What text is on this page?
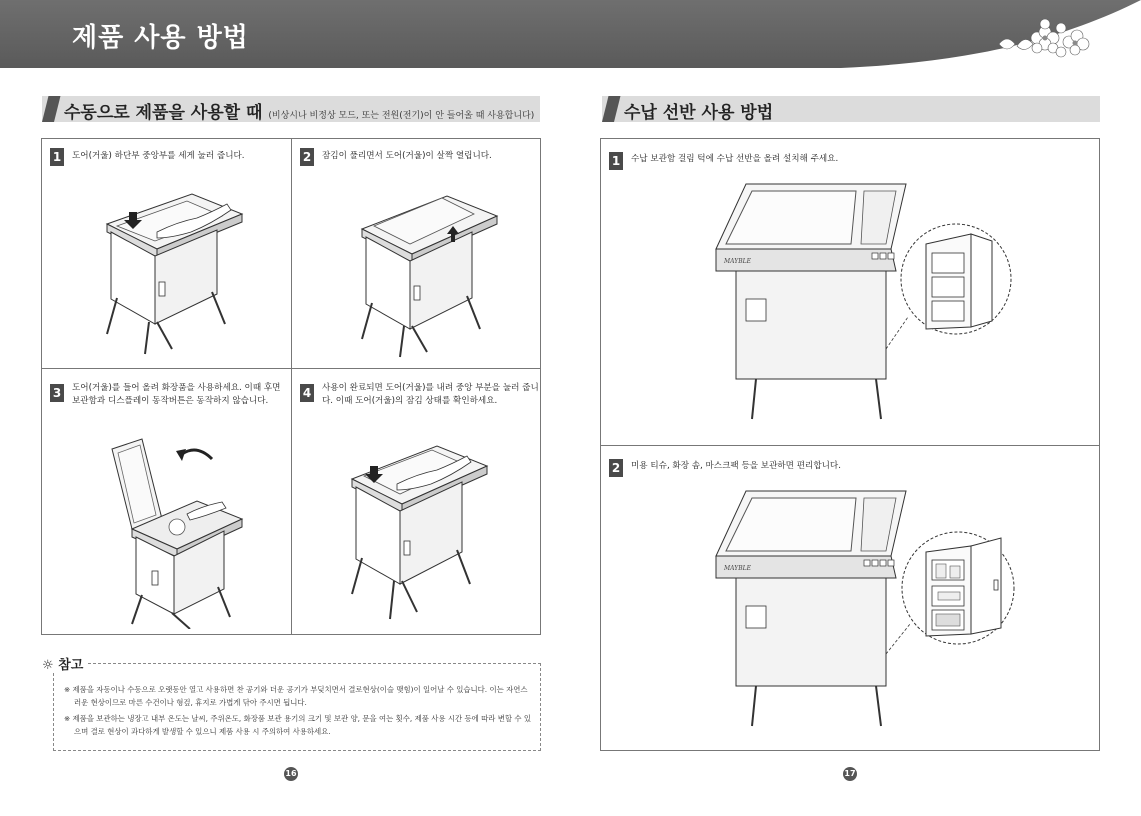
제품 사용 방법
수동으로 제품을 사용할 때 (비상시나 비정상 모드, 또는 전원(전기)이 안 들어올 때 사용합니다)
1	도어(거울) 하단부 중앙부를 세게 눌러 줍니다.	2	잠김이 풀리면서 도어(거울)이 살짝 열립니다.
3	도어(거울)를 들어 올려 화장품을 사용하세요. 이때 후면
보관함과 디스플레이 동작버튼은 동작하지 않습니다.
4	사용이 완료되면 도어(거울)를 내려 중앙 부분을 눌러 줍니
다. 이때 도어(거울)의 잠김 상태를 확인하세요.
☼ 참고
※ 제품을 자동이나 수동으로 오랫동안 열고 사용하면 찬 공기와 더운 공기가 부딪치면서 결로현상(이슬 맺힘)이 일어날 수 있습니다. 이는 자연스
러운 현상이므로 마른 수건이나 형겊, 휴지로 가볍게 닦아 주시면 됩니다.
※ 제품을 보관하는 냉장고 내부 온도는 날씨, 주위온도, 화장품 보관 용기의 크기 및 보관 양, 문을 여는 횟수, 제품 사용 시간 등에 따라 변할 수 있
으며 결로 현상이 과다하게 발생할 수 있으니 제품 사용 시 주의하여 사용하세요.
16
수납 선반 사용 방법
1	수납 보관함 걸림 턱에 수납 선반을 올려 설치해 주세요.
MAYBLE
2	미용 티슈, 화장 솜, 마스크팩 등을 보관하면 편리합니다.
MAYBLE
17
